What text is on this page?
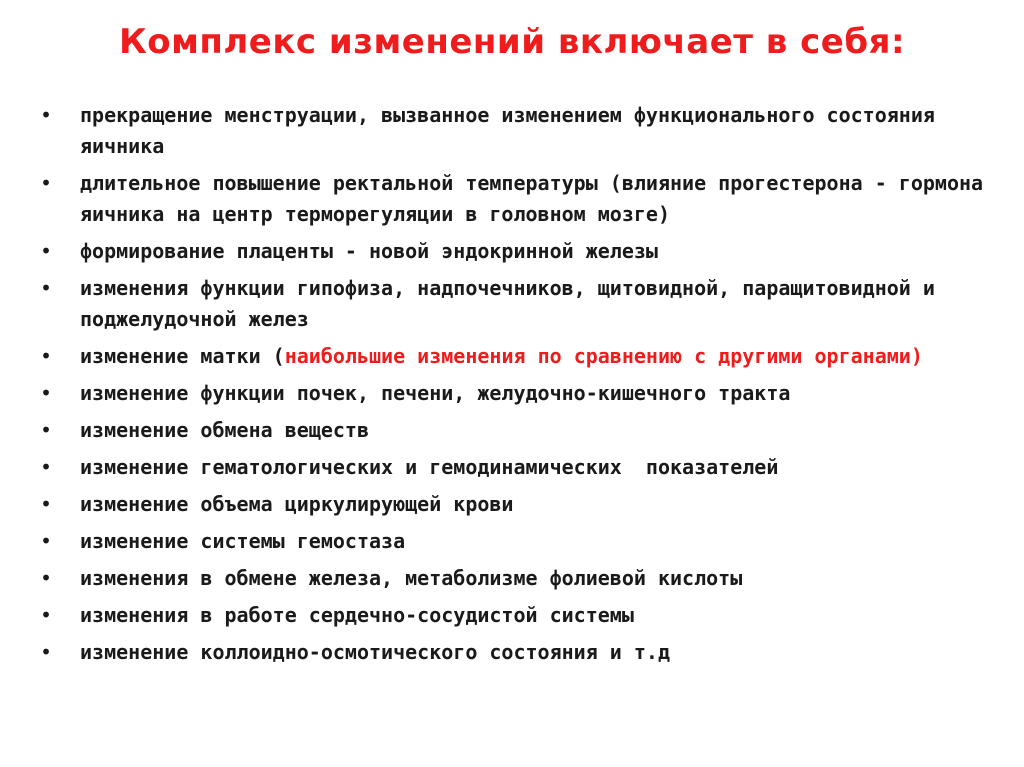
Комплекс изменений включает в себя:
• прекращение менструации, вызванное изменением функционального состояния яичника
• длительное повышение ректальной температуры (влияние прогестерона - гормона яичника на центр терморегуляции в головном мозге)
• формирование плаценты - новой эндокринной железы
• изменения функции гипофиза, надпочечников, щитовидной, паращитовидной и поджелудочной желез
• изменение матки (наибольшие изменения по сравнению с другими органами)
• изменение функции почек, печени, желудочно-кишечного тракта
• изменение обмена веществ
• изменение гематологических и гемодинамических  показателей
• изменение объема циркулирующей крови
• изменение системы гемостаза
• изменения в обмене железа, метаболизме фолиевой кислоты
• изменения в работе сердечно-сосудистой системы
• изменение коллоидно-осмотического состояния и т.д
